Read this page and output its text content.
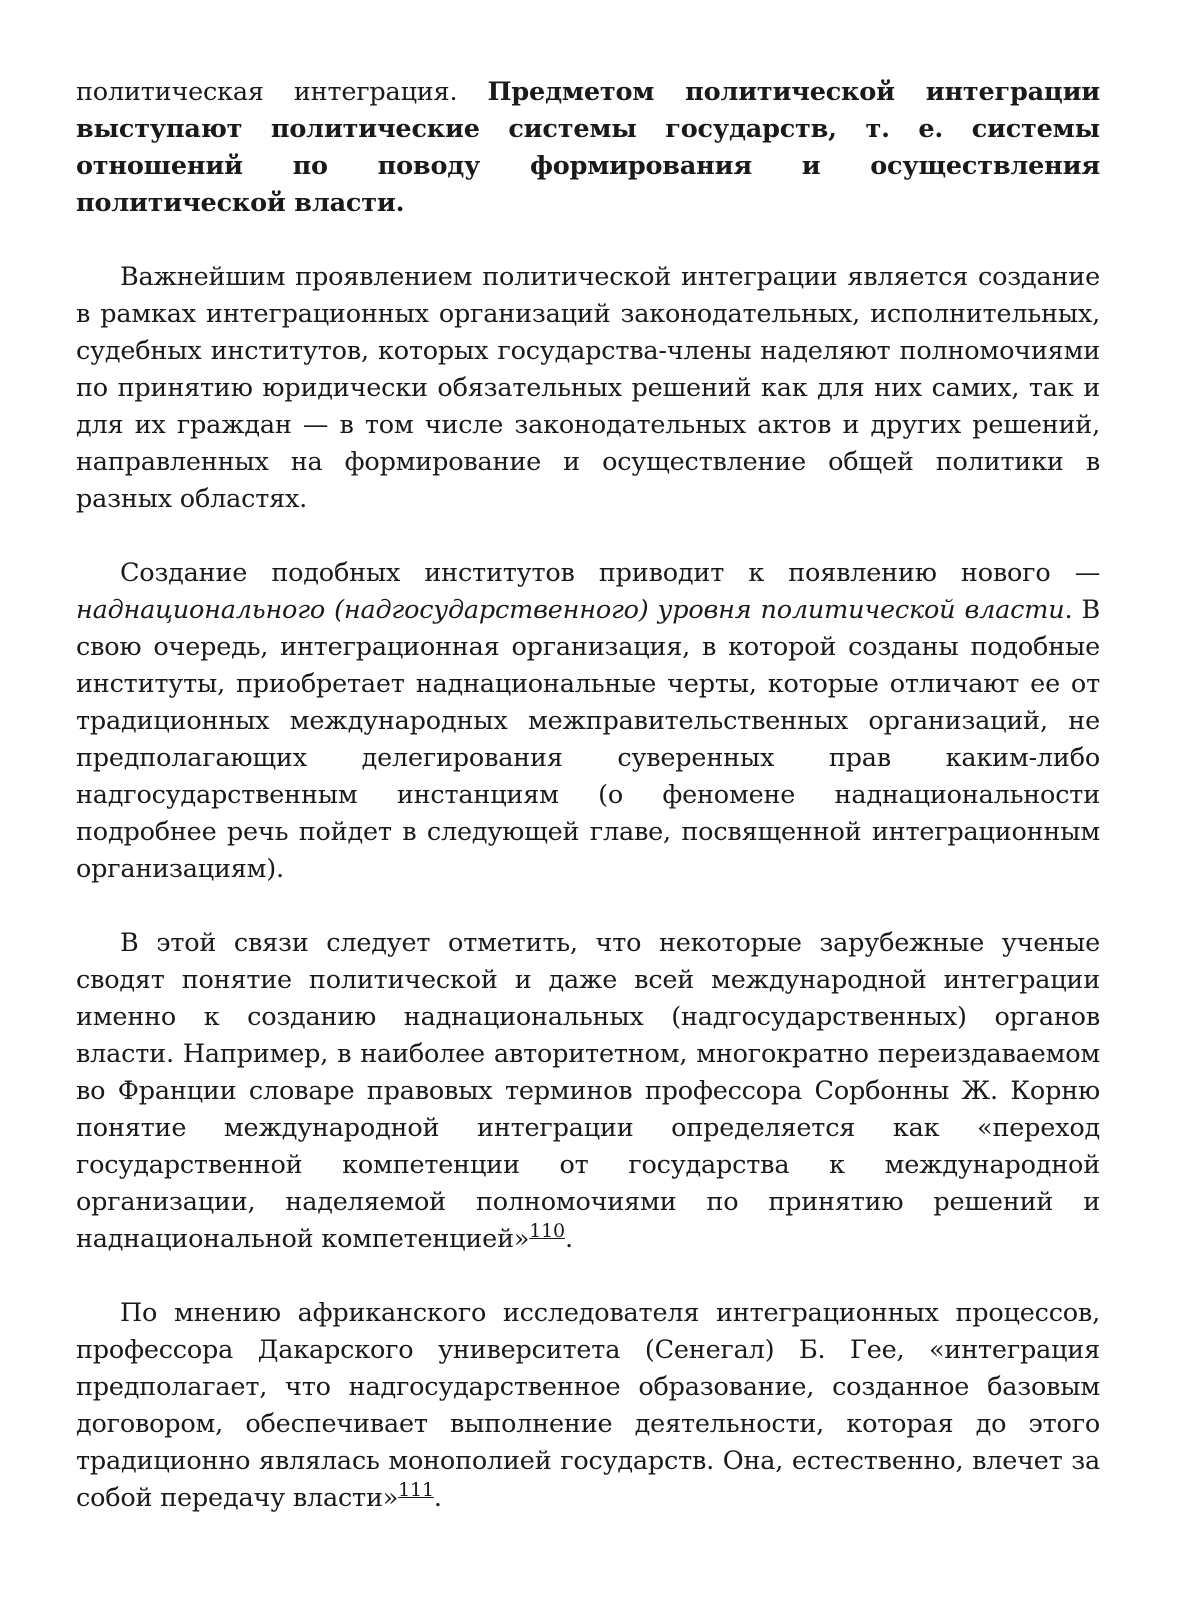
политическая интеграция. Предметом политической интеграции выступают политические системы государств, т. е. системы отношений по поводу формирования и осуществления политической власти.

Важнейшим проявлением политической интеграции является создание в рамках интеграционных организаций законодательных, исполнительных, судебных институтов, которых государства-члены наделяют полномочиями по принятию юридически обязательных решений как для них самих, так и для их граждан — в том числе законодательных актов и других решений, направленных на формирование и осуществление общей политики в разных областях.

Создание подобных институтов приводит к появлению нового — наднационального (надгосударственного) уровня политической власти. В свою очередь, интеграционная организация, в которой созданы подобные институты, приобретает наднациональные черты, которые отличают ее от традиционных международных межправительственных организаций, не предполагающих делегирования суверенных прав каким-либо надгосударственным инстанциям (о феномене наднациональности подробнее речь пойдет в следующей главе, посвященной интеграционным организациям).

В этой связи следует отметить, что некоторые зарубежные ученые сводят понятие политической и даже всей международной интеграции именно к созданию наднациональных (надгосударственных) органов власти. Например, в наиболее авторитетном, многократно переиздаваемом во Франции словаре правовых терминов профессора Сорбонны Ж. Корню понятие международной интеграции определяется как «переход государственной компетенции от государства к международной организации, наделяемой полномочиями по принятию решений и наднациональной компетенцией»$^{110}$.

По мнению африканского исследователя интеграционных процессов, профессора Дакарского университета (Сенегал) Б. Гее, «интеграция предполагает, что надгосударственное образование, созданное базовым договором, обеспечивает выполнение деятельности, которая до этого традиционно являлась монополией государств. Она, естественно, влечет за собой передачу власти»$^{111}$.
